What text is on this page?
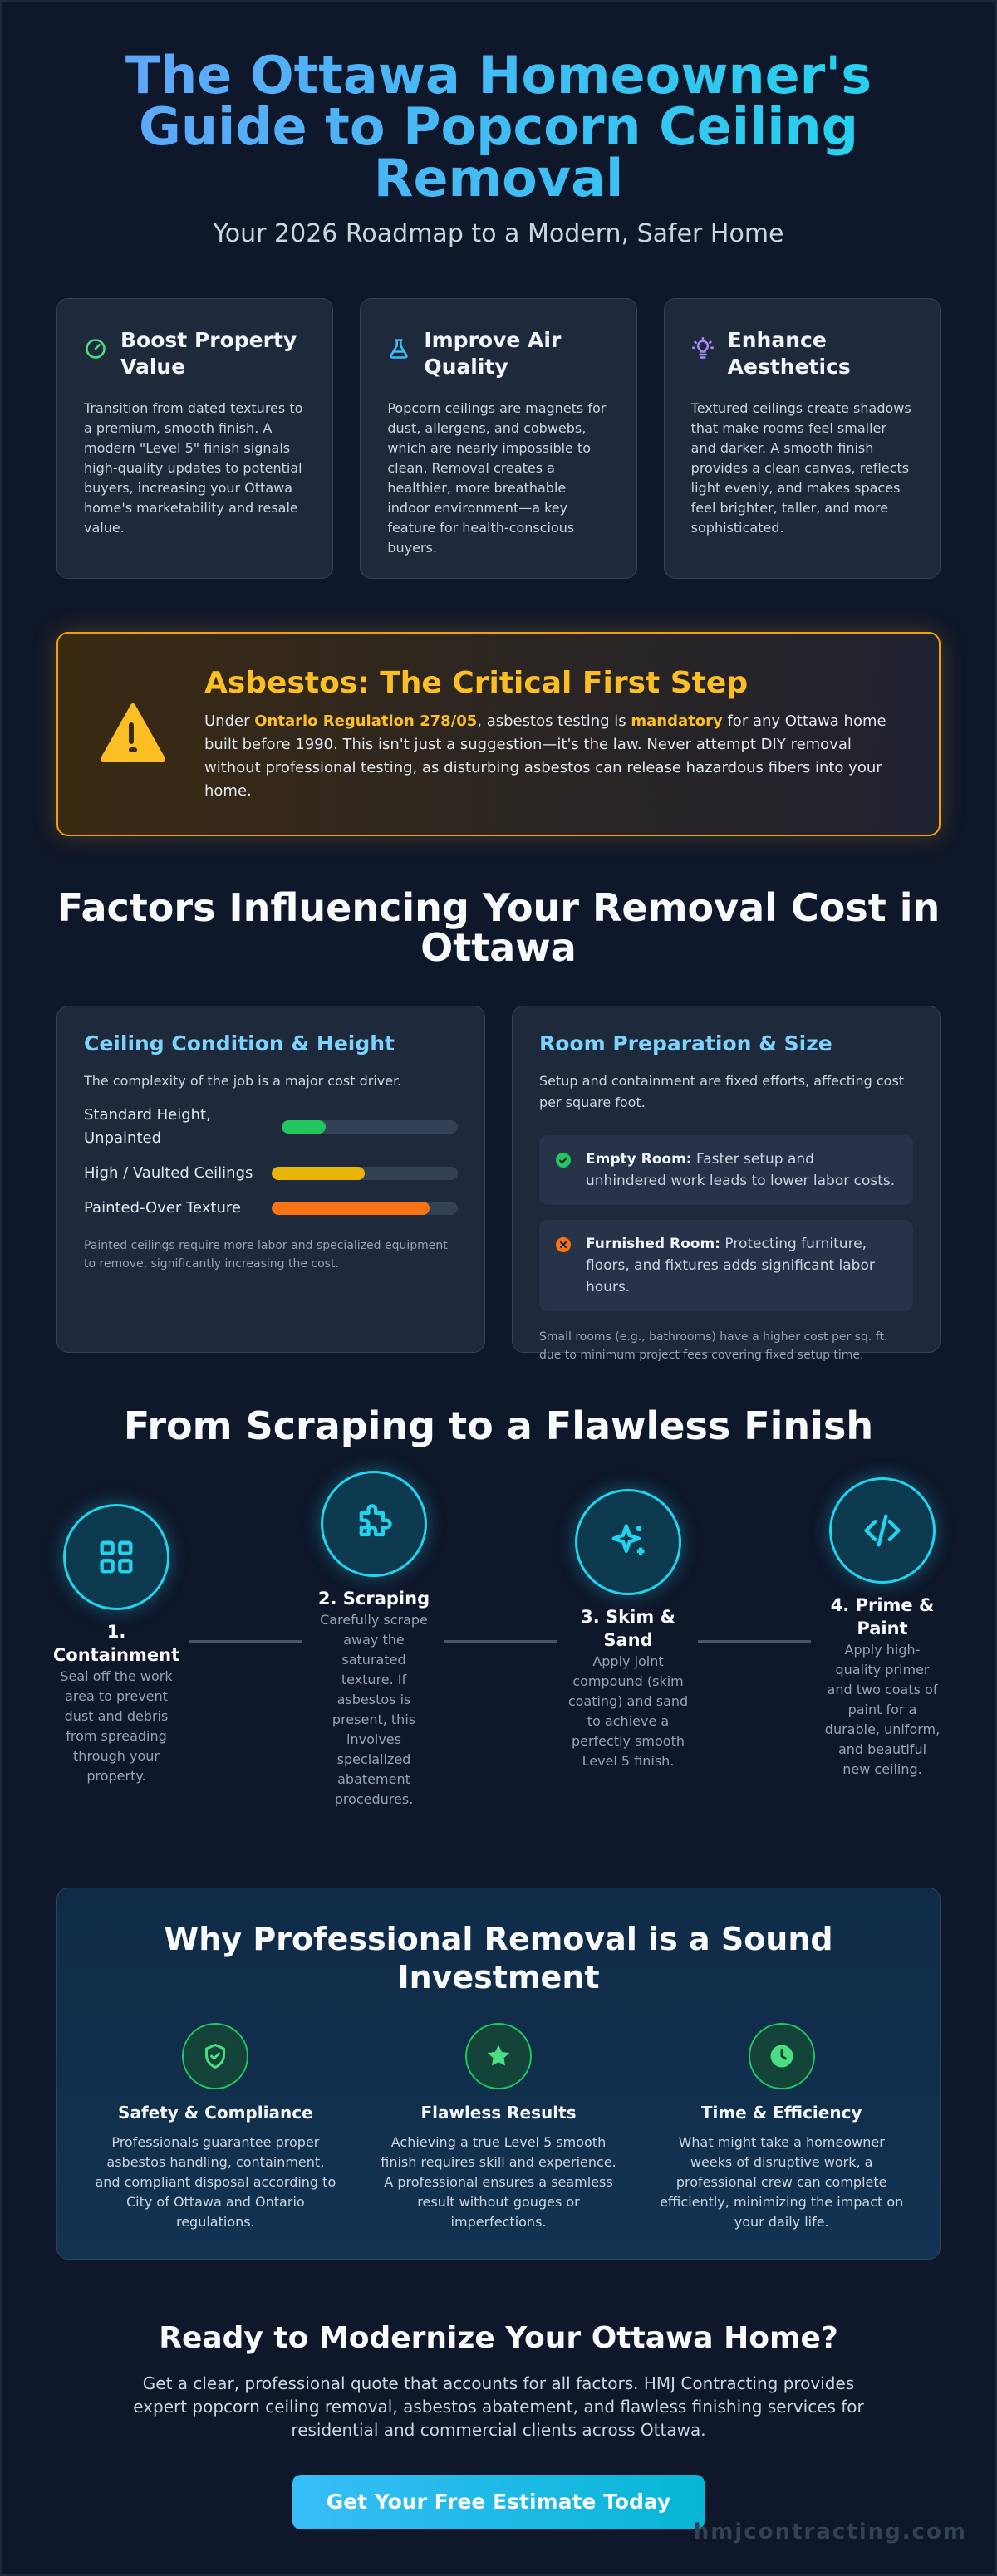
The Ottawa Homeowner's Guide to Popcorn Ceiling Removal
Your 2026 Roadmap to a Modern, Safer Home
Boost Property Value

Transition from dated textures to a premium, smooth finish. A modern "Level 5" finish signals high-quality updates to potential buyers, increasing your Ottawa home's marketability and resale value.

Improve Air Quality

Popcorn ceilings are magnets for dust, allergens, and cobwebs, which are nearly impossible to clean. Removal creates a healthier, more breathable indoor environment—a key feature for health-conscious buyers.

Enhance Aesthetics

Textured ceilings create shadows that make rooms feel smaller and darker. A smooth finish provides a clean canvas, reflects light evenly, and makes spaces feel brighter, taller, and more sophisticated.

Asbestos: The Critical First Step

Under Ontario Regulation 278/05, asbestos testing is mandatory for any Ottawa home built before 1990. This isn't just a suggestion—it's the law. Never attempt DIY removal without professional testing, as disturbing asbestos can release hazardous fibers into your home.

Factors Influencing Your Removal Cost in Ottawa
Ceiling Condition & Height
The complexity of the job is a major cost driver.
Standard Height, Unpainted
High / Vaulted Ceilings
Painted-Over Texture
Painted ceilings require more labor and specialized equipment to remove, significantly increasing the cost.
Room Preparation & Size
Setup and containment are fixed efforts, affecting cost per square foot.
Empty Room: Faster setup and unhindered work leads to lower labor costs.
Furnished Room: Protecting furniture, floors, and fixtures adds significant labor hours.
Small rooms (e.g., bathrooms) have a higher cost per sq. ft. due to minimum project fees covering fixed setup time.
From Scraping to a Flawless Finish
1. Containment

Seal off the work area to prevent dust and debris from spreading through your property.

2. Scraping

Carefully scrape away the saturated texture. If asbestos is present, this involves specialized abatement procedures.

3. Skim & Sand

Apply joint compound (skim coating) and sand to achieve a perfectly smooth Level 5 finish.

4. Prime & Paint

Apply high-quality primer and two coats of paint for a durable, uniform, and beautiful new ceiling.

Why Professional Removal is a Sound Investment
Safety & Compliance

Professionals guarantee proper asbestos handling, containment, and compliant disposal according to City of Ottawa and Ontario regulations.

Flawless Results

Achieving a true Level 5 smooth finish requires skill and experience. A professional ensures a seamless result without gouges or imperfections.

Time & Efficiency

What might take a homeowner weeks of disruptive work, a professional crew can complete efficiently, minimizing the impact on your daily life.

Ready to Modernize Your Ottawa Home?

Get a clear, professional quote that accounts for all factors. HMJ Contracting provides expert popcorn ceiling removal, asbestos abatement, and flawless finishing services for residential and commercial clients across Ottawa.

Get Your Free Estimate Today
hmjcontracting.com
